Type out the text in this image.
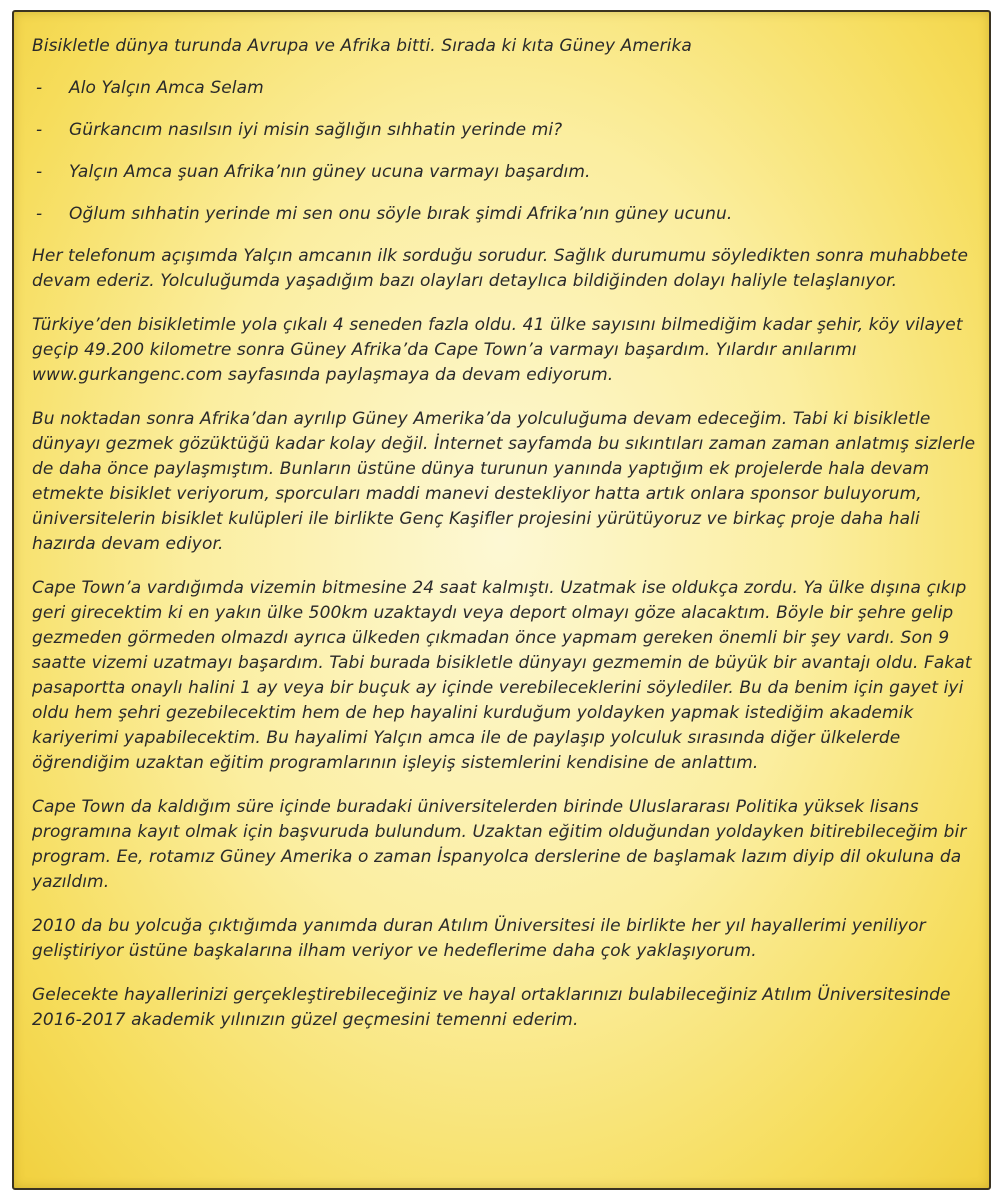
Bisikletle dünya turunda Avrupa ve Afrika bitti. Sırada ki kıta Güney Amerika

- Alo Yalçın Amca Selam
- Gürkancım nasılsın iyi misin sağlığın sıhhatin yerinde mi?
- Yalçın Amca şuan Afrika’nın güney ucuna varmayı başardım.
- Oğlum sıhhatin yerinde mi sen onu söyle bırak şimdi Afrika’nın güney ucunu.

Her telefonum açışımda Yalçın amcanın ilk sorduğu sorudur. Sağlık durumumu söyledikten sonra muhabbete devam ederiz. Yolculuğumda yaşadığım bazı olayları detaylıca bildiğinden dolayı haliyle telaşlanıyor.

Türkiye’den bisikletimle yola çıkalı 4 seneden fazla oldu. 41 ülke sayısını bilmediğim kadar şehir, köy vilayet geçip 49.200 kilometre sonra Güney Afrika’da Cape Town’a varmayı başardım. Yılardır anılarımı www.gurkangenc.com sayfasında paylaşmaya da devam ediyorum.

Bu noktadan sonra Afrika’dan ayrılıp Güney Amerika’da yolculuğuma devam edeceğim. Tabi ki bisikletle dünyayı gezmek gözüktüğü kadar kolay değil. İnternet sayfamda bu sıkıntıları zaman zaman anlatmış sizlerle de daha önce paylaşmıştım. Bunların üstüne dünya turunun yanında yaptığım ek projelerde hala devam etmekte bisiklet veriyorum, sporcuları maddi manevi destekliyor hatta artık onlara sponsor buluyorum, üniversitelerin bisiklet kulüpleri ile birlikte Genç Kaşifler projesini yürütüyoruz ve birkaç proje daha hali hazırda devam ediyor.

Cape Town’a vardığımda vizemin bitmesine 24 saat kalmıştı. Uzatmak ise oldukça zordu. Ya ülke dışına çıkıp geri girecektim ki en yakın ülke 500km uzaktaydı veya deport olmayı göze alacaktım. Böyle bir şehre gelip gezmeden görmeden olmazdı ayrıca ülkeden çıkmadan önce yapmam gereken önemli bir şey vardı. Son 9 saatte vizemi uzatmayı başardım. Tabi burada bisikletle dünyayı gezmemin de büyük bir avantajı oldu. Fakat pasaportta onaylı halini 1 ay veya bir buçuk ay içinde verebileceklerini söylediler. Bu da benim için gayet iyi oldu hem şehri gezebilecektim hem de hep hayalini kurduğum yoldayken yapmak istediğim akademik kariyerimi yapabilecektim. Bu hayalimi Yalçın amca ile de paylaşıp yolculuk sırasında diğer ülkelerde öğrendiğim uzaktan eğitim programlarının işleyiş sistemlerini kendisine de anlattım.

Cape Town da kaldığım süre içinde buradaki üniversitelerden birinde Uluslararası Politika yüksek lisans programına kayıt olmak için başvuruda bulundum. Uzaktan eğitim olduğundan yoldayken bitirebileceğim bir program. Ee, rotamız Güney Amerika o zaman İspanyolca derslerine de başlamak lazım diyip dil okuluna da yazıldım.

2010 da bu yolcuğa çıktığımda yanımda duran Atılım Üniversitesi ile birlikte her yıl hayallerimi yeniliyor geliştiriyor üstüne başkalarına ilham veriyor ve hedeflerime daha çok yaklaşıyorum.

Gelecekte hayallerinizi gerçekleştirebileceğiniz ve hayal ortaklarınızı bulabileceğiniz Atılım Üniversitesinde 2016-2017 akademik yılınızın güzel geçmesini temenni ederim.
